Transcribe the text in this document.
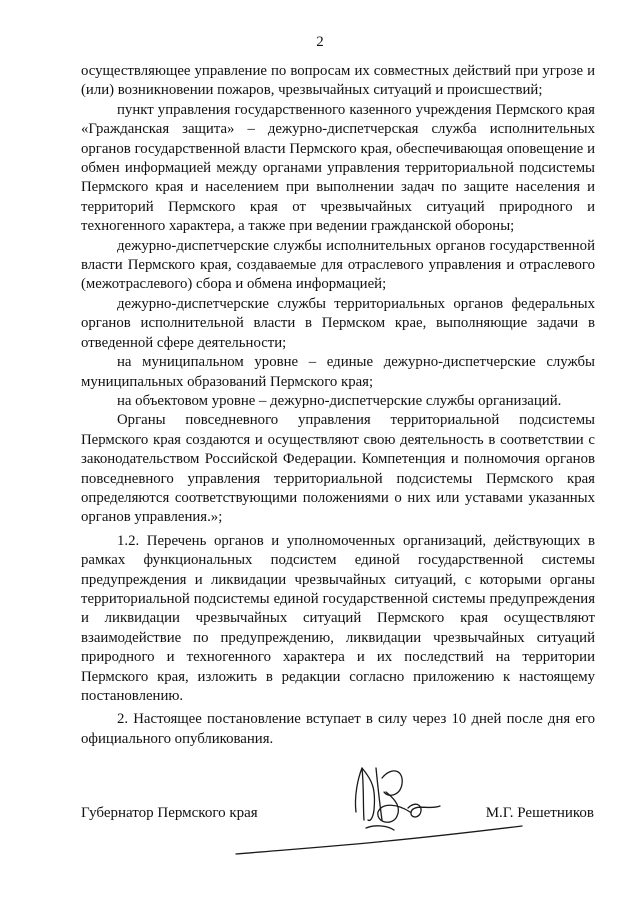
2

осуществляющее управление по вопросам их совместных действий при угрозе и (или) возникновении пожаров, чрезвычайных ситуаций и происшествий;

пункт управления государственного казенного учреждения Пермского края «Гражданская защита» – дежурно-диспетчерская служба исполнительных органов государственной власти Пермского края, обеспечивающая оповещение и обмен информацией между органами управления территориальной подсистемы Пермского края и населением при выполнении задач по защите населения и территорий Пермского края от чрезвычайных ситуаций природного и техногенного характера, а также при ведении гражданской обороны;

дежурно-диспетчерские службы исполнительных органов государственной власти Пермского края, создаваемые для отраслевого управления и отраслевого (межотраслевого) сбора и обмена информацией;

дежурно-диспетчерские службы территориальных органов федеральных органов исполнительной власти в Пермском крае, выполняющие задачи в отведенной сфере деятельности;

на муниципальном уровне – единые дежурно-диспетчерские службы муниципальных образований Пермского края;

на объектовом уровне – дежурно-диспетчерские службы организаций.

Органы повседневного управления территориальной подсистемы Пермского края создаются и осуществляют свою деятельность в соответствии с законодательством Российской Федерации. Компетенция и полномочия органов повседневного управления территориальной подсистемы Пермского края определяются соответствующими положениями о них или уставами указанных органов управления.»;

1.2. Перечень органов и уполномоченных организаций, действующих в рамках функциональных подсистем единой государственной системы предупреждения и ликвидации чрезвычайных ситуаций, с которыми органы территориальной подсистемы единой государственной системы предупреждения и ликвидации чрезвычайных ситуаций Пермского края осуществляют взаимодействие по предупреждению, ликвидации чрезвычайных ситуаций природного и техногенного характера и их последствий на территории Пермского края, изложить в редакции согласно приложению к настоящему постановлению.

2. Настоящее постановление вступает в силу через 10 дней после дня его официального опубликования.

Губернатор Пермского края	М.Г. Решетников
